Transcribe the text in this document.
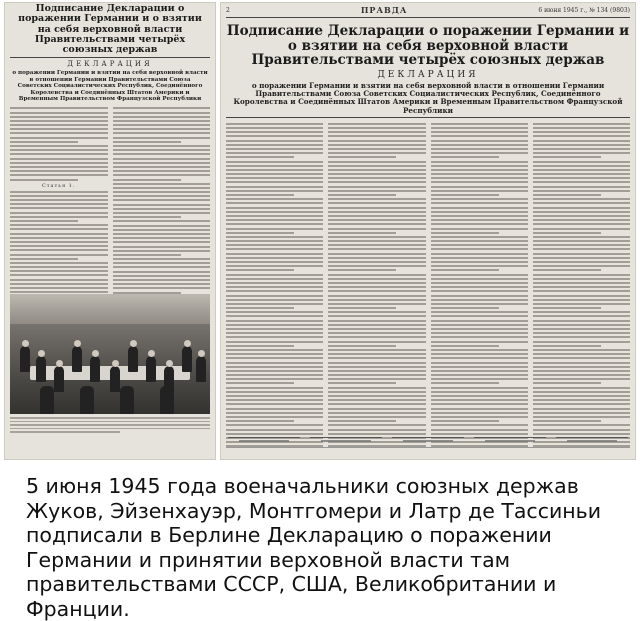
Подписание Декларации о поражении Германии и о взятии на себя верховной власти Правительствами четырёх союзных держав
ДЕКЛАРАЦИЯ
о поражении Германии и взятии на себя верховной власти в отношении Германии Правительствами Союза Советских Социалистических Республик, Соединённого Королевства и Соединённых Штатов Америки и Временным Правительством Французской Республики
Статья 1.
2	ПРАВДА	6 июня 1945 г., № 134 (9803)
Подписание Декларации о поражении Германии и о взятии на себя верховной власти Правительствами четырёх союзных держав
ДЕКЛАРАЦИЯ
о поражении Германии и взятии на себя верховной власти в отношении Германии Правительствами Союза Советских Социалистических Республик, Соединённого Королевства и Соединённых Штатов Америки и Временным Правительством Французской Республики

5 июня 1945 года военачальники союзных держав Жуков, Эйзенхауэр, Монтгомери и Латр де Тассиньи подписали в Берлине Декларацию о поражении Германии и принятии верховной власти там правительствами СССР, США, Великобритании и Франции.
